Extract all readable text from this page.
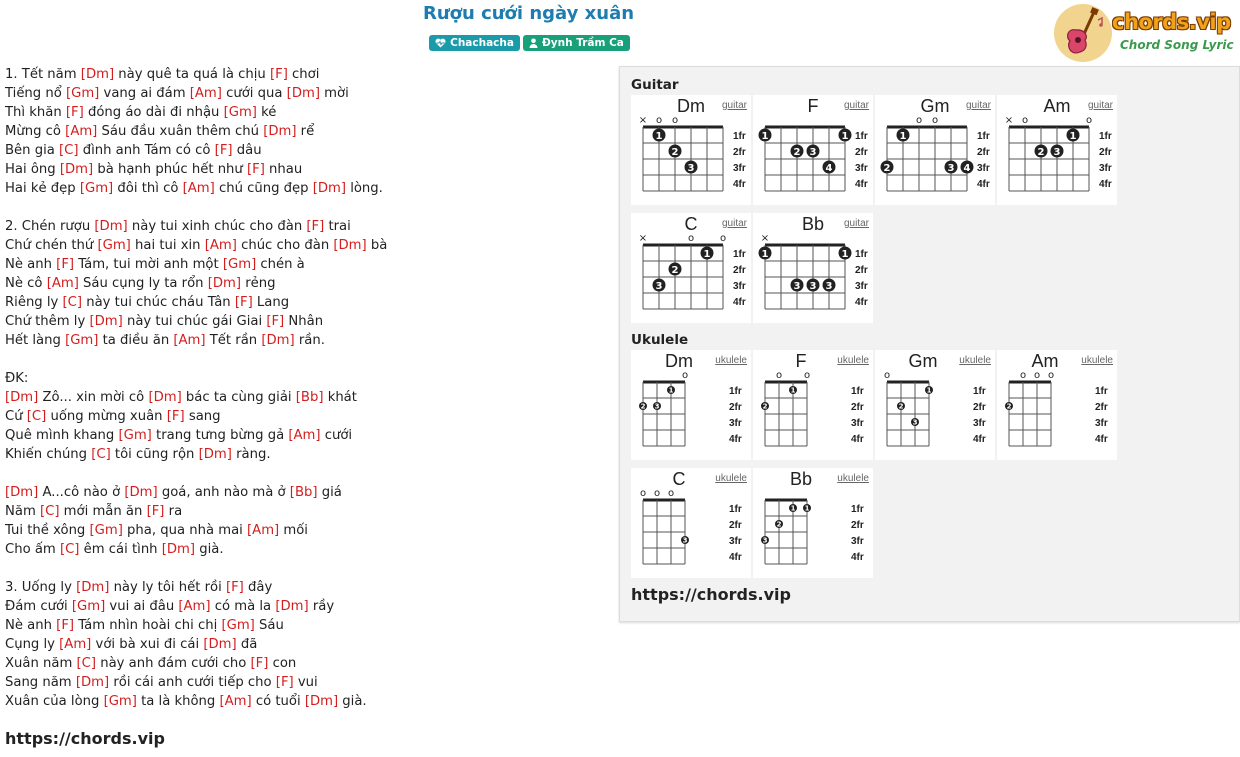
Rượu cưới ngày xuân
Chachacha	Ðynh Trầm Ca
chords.vip
Chord Song Lyric
1. Tết năm [Dm] này quê ta quá là chịu [F] chơi
Tiếng nổ [Gm] vang ai đám [Am] cưới qua [Dm] mời
Thì khăn [F] đóng áo dài đi nhậu [Gm] ké
Mừng cô [Am] Sáu đầu xuân thêm chú [Dm] rể
Bên gia [C] đình anh Tám có cô [F] dâu
Hai ông [Dm] bà hạnh phúc hết như [F] nhau
Hai kẻ đẹp [Gm] đôi thì cô [Am] chú cũng đẹp [Dm] lòng.
2. Chén rượu [Dm] này tui xinh chúc cho đàn [F] trai
Chứ chén thứ [Gm] hai tui xin [Am] chúc cho đàn [Dm] bà
Nè anh [F] Tám, tui mời anh một [Gm] chén à
Nè cô [Am] Sáu cụng ly ta rổn [Dm] rẻng
Riêng ly [C] này tui chúc cháu Tân [F] Lang
Chứ thêm ly [Dm] này tui chúc gái Giai [F] Nhân
Hết làng [Gm] ta điều ăn [Am] Tết rần [Dm] rần.
ĐK:
[Dm] Zô... xin mời cô [Dm] bác ta cùng giải [Bb] khát
Cứ [C] uống mừng xuân [F] sang
Quê mình khang [Gm] trang tưng bừng gả [Am] cưới
Khiến chúng [C] tôi cũng rộn [Dm] ràng.
[Dm] A...cô nào ở [Dm] goá, anh nào mà ở [Bb] giá
Năm [C] mới mẫn ăn [F] ra
Tui thề xông [Gm] pha, qua nhà mai [Am] mối
Cho ấm [C] êm cái tình [Dm] già.
3. Uống ly [Dm] này ly tôi hết rồi [F] đây
Đám cưới [Gm] vui ai đâu [Am] có mà la [Dm] rầy
Nè anh [F] Tám nhìn hoài chi chị [Gm] Sáu
Cụng ly [Am] với bà xui đi cái [Dm] đã
Xuân năm [C] này anh đám cưới cho [F] con
Sang năm [Dm] rồi cái anh cưới tiếp cho [F] vui
Xuân của lòng [Gm] ta là không [Am] có tuổi [Dm] già.
https://chords.vip
Guitar
Ukulele
https://chords.vip
1fr
2fr
3fr
4fr
× o o
2
3
1
Dm	guitar
1fr
2fr
3fr
4fr
1	1
3
4
2
F	guitar
1fr
2fr
3fr
4fr
o o
1
2	3 4
Gm	guitar
1fr
2fr
3fr
4fr
× o	o
2 3
1
Am	guitar
1fr
2fr
3fr
4fr
×	o	o
3
2
1
C	guitar
1fr
2fr
3fr
4fr
×
1	1
3 3 3
Bb	guitar
1fr
2fr
3fr
4fr
o
2 3
1
Dm	ukulele
1fr
2fr
3fr
4fr
o o
2
1
F	ukulele
1fr
2fr
3fr
4fr
o
2
3
1
Gm	ukulele
1fr
2fr
3fr
4fr
o o o
2
Am	ukulele
1fr
2fr
3fr
4fr
o o o
3
C	ukulele
1fr
2fr
3fr
4fr
3
2
1 1
Bb	ukulele
